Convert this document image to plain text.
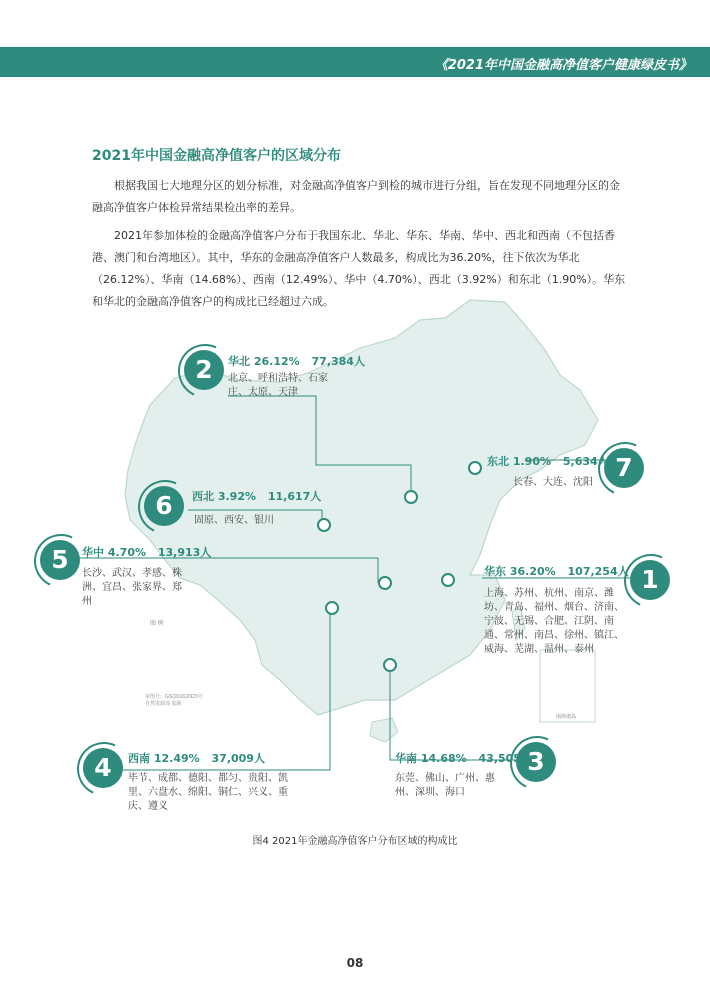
《2021年中国金融高净值客户健康绿皮书》
2021年中国金融高净值客户的区域分布

根据我国七大地理分区的划分标准，对金融高净值客户到检的城市进行分组，旨在发现不同地理分区的金融高净值客户体检异常结果检出率的差异。

2021年参加体检的金融高净值客户分布于我国东北、华北、华东、华南、华中、西北和西南（不包括香港、澳门和台湾地区）。其中，华东的金融高净值客户人数最多，构成比为36.20%，往下依次为华北（26.12%）、华南（14.68%）、西南（12.49%）、华中（4.70%）、西北（3.92%）和东北（1.90%）。华东和华北的金融高净值客户的构成比已经超过六成。

南海诸岛
图 例
审图号：GS(2016)2923号
自然资源部 监制
2	华北 26.12% 77,384人
北京、呼和浩特、石家庄、太原、天津
7
东北 1.90% 5,634人
长春、大连、沈阳
6	西北 3.92% 11,617人
固原、西安、银川
5	华中 4.70% 13,913人
长沙、武汉、孝感、株洲、宜昌、张家界、郑州
1
华东 36.20% 107,254人
上海、苏州、杭州、南京、潍坊、青岛、福州、烟台、济南、宁波、无锡、合肥、江阴、南通、常州、南昌、徐州、镇江、威海、芜湖、温州、泰州
4	西南 12.49% 37,009人
毕节、成都、德阳、都匀、贵阳、凯里、六盘水、绵阳、铜仁、兴义、重庆、遵义
3
华南 14.68% 43,505人
东莞、佛山、广州、惠州、深圳、海口
图4 2021年金融高净值客户分布区域的构成比
08
